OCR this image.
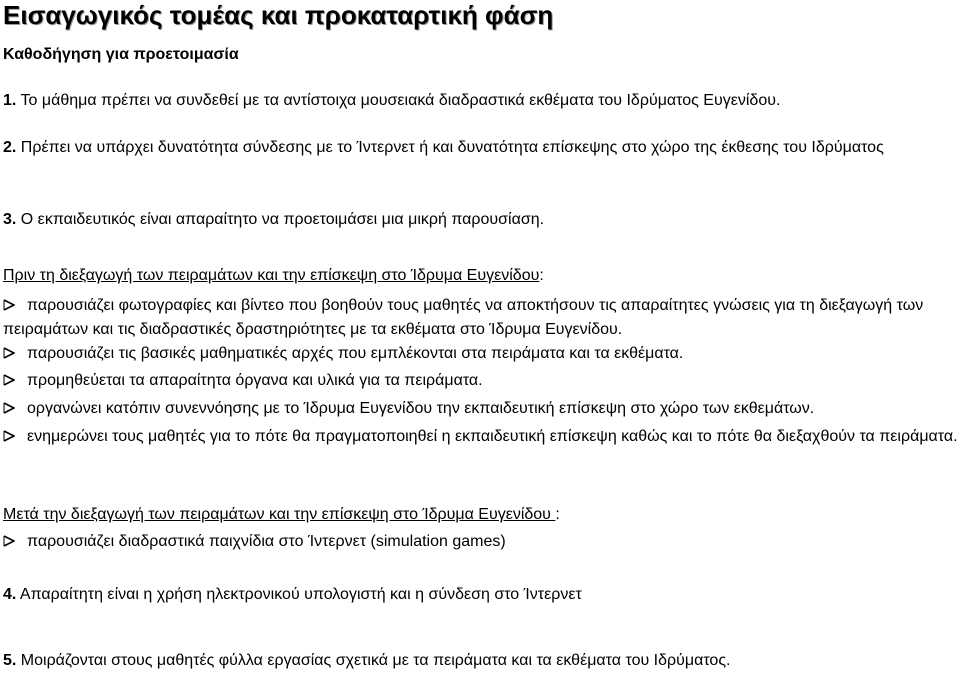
Εισαγωγικός τομέας και προκαταρτική φάση
Καθοδήγηση για προετοιμασία
1. Το μάθημα πρέπει να συνδεθεί με τα αντίστοιχα μουσειακά διαδραστικά εκθέματα του Ιδρύματος Ευγενίδου.
2. Πρέπει να υπάρχει δυνατότητα σύνδεσης με το Ίντερνετ ή και δυνατότητα επίσκεψης στο χώρο της έκθεσης του Ιδρύματος
3. Ο εκπαιδευτικός είναι απαραίτητο να προετοιμάσει μια μικρή παρουσίαση.
Πριν τη διεξαγωγή των πειραμάτων και την επίσκεψη στο Ίδρυμα Ευγενίδου:
παρουσιάζει φωτογραφίες και βίντεο που βοηθούν τους μαθητές να αποκτήσουν τις απαραίτητες γνώσεις για τη διεξαγωγή των πειραμάτων και τις διαδραστικές δραστηριότητες με τα εκθέματα στο Ίδρυμα Ευγενίδου.
παρουσιάζει τις βασικές μαθηματικές αρχές που εμπλέκονται στα πειράματα και τα εκθέματα.
προμηθεύεται τα απαραίτητα όργανα και υλικά για τα πειράματα.
οργανώνει κατόπιν συνεννόησης με το Ίδρυμα Ευγενίδου την εκπαιδευτική επίσκεψη στο χώρο των εκθεμάτων.
ενημερώνει τους μαθητές για το πότε θα πραγματοποιηθεί η εκπαιδευτική επίσκεψη καθώς και το πότε θα διεξαχθούν τα πειράματα.
Μετά την διεξαγωγή των πειραμάτων και την επίσκεψη στο Ίδρυμα Ευγενίδου :
παρουσιάζει διαδραστικά παιχνίδια στο Ίντερνετ (simulation games)
4. Απαραίτητη είναι η χρήση ηλεκτρονικού υπολογιστή και η σύνδεση στο Ίντερνετ
5. Μοιράζονται στους μαθητές φύλλα εργασίας σχετικά με τα πειράματα και τα εκθέματα του Ιδρύματος.
